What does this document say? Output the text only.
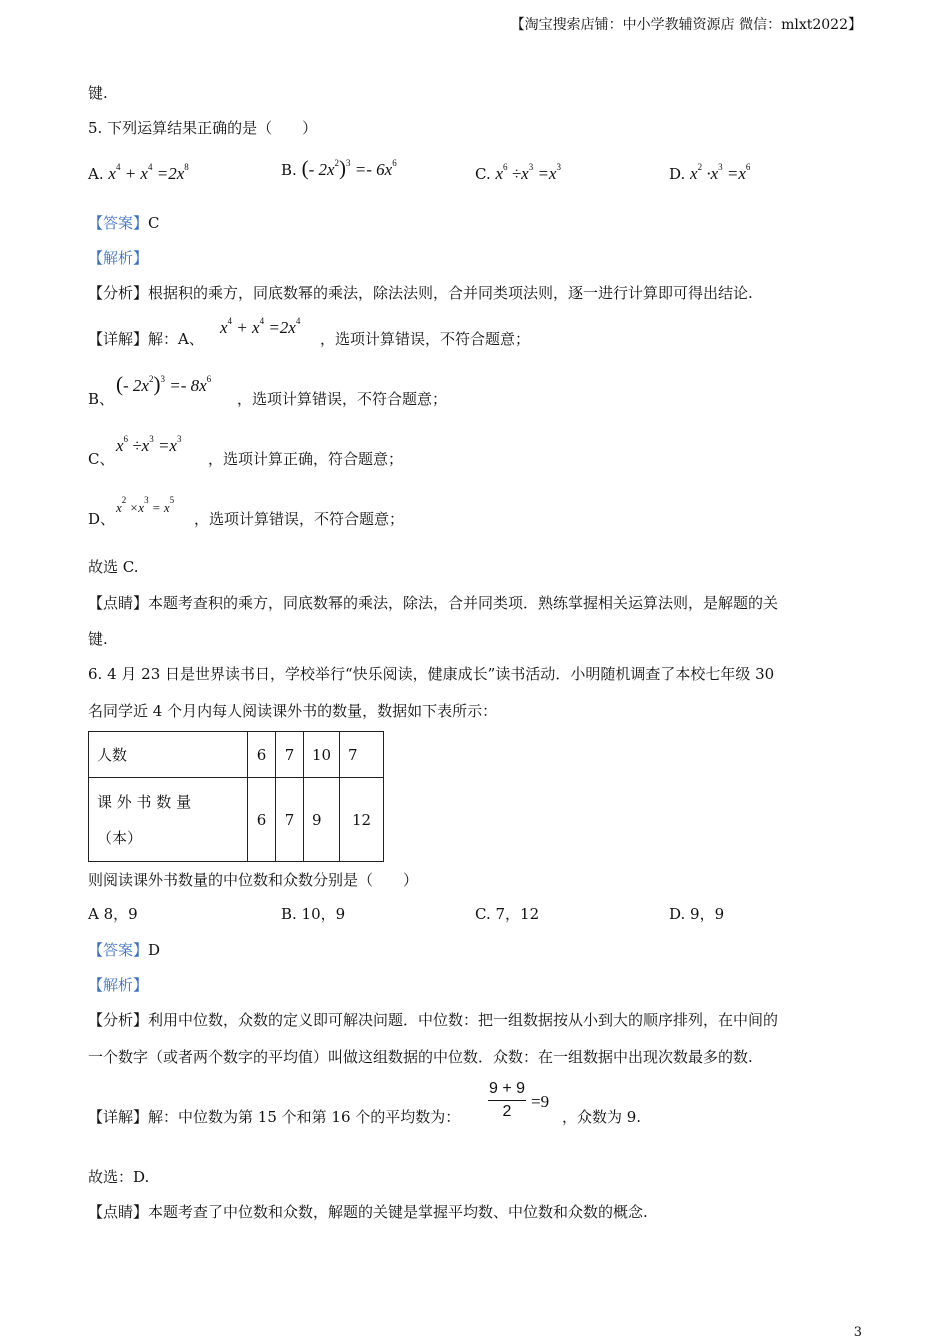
【淘宝搜索店铺：中小学教辅资源店 微信：mlxt2022】
键.
5. 下列运算结果正确的是（　　）
A. $x^4 + x^4 =2x^8$	B. (- $2x^2)^3 =- 6x^6$
C. $x^6 \div x^3 =x^3$	D. $x^2 \cdot x^3 =x^6$
【答案】C
【解析】
【分析】根据积的乘方，同底数幂的乘法，除法法则，合并同类项法则，逐一进行计算即可得出结论.
【详解】解：A、
$x^4 + x^4 =2x^4$
，选项计算错误，不符合题意；
B、
(- $2x^2)^3 =- 8x^6$
，选项计算错误，不符合题意；
C、
$x^6 \div x^3 =x^3$
，选项计算正确，符合题意；
D、
$x^2 \times x^3 = x^5$
，选项计算错误，不符合题意；
故选 C.
【点睛】本题考查积的乘方，同底数幂的乘法，除法，合并同类项．熟练掌握相关运算法则，是解题的关
键.
6. 4 月 23 日是世界读书日，学校举行“快乐阅读，健康成长”读书活动．小明随机调查了本校七年级 30
名同学近 4 个月内每人阅读课外书的数量，数据如下表所示：
人数	6	7	10	7

课 外 书 数 量
（本）	6	7	9	12
则阅读课外书数量的中位数和众数分别是（　　）
A 8，9	B. 10，9	C. 7，12	D. 9，9
【答案】D
【解析】
【分析】利用中位数，众数的定义即可解决问题．中位数：把一组数据按从小到大的顺序排列，在中间的
一个数字（或者两个数字的平均值）叫做这组数据的中位数．众数：在一组数据中出现次数最多的数.
【详解】解：中位数为第 15 个和第 16 个的平均数为： $\frac{9 + 9}{2} =9$
，众数为 9.
故选：D.
【点睛】本题考查了中位数和众数，解题的关键是掌握平均数、中位数和众数的概念.
3
